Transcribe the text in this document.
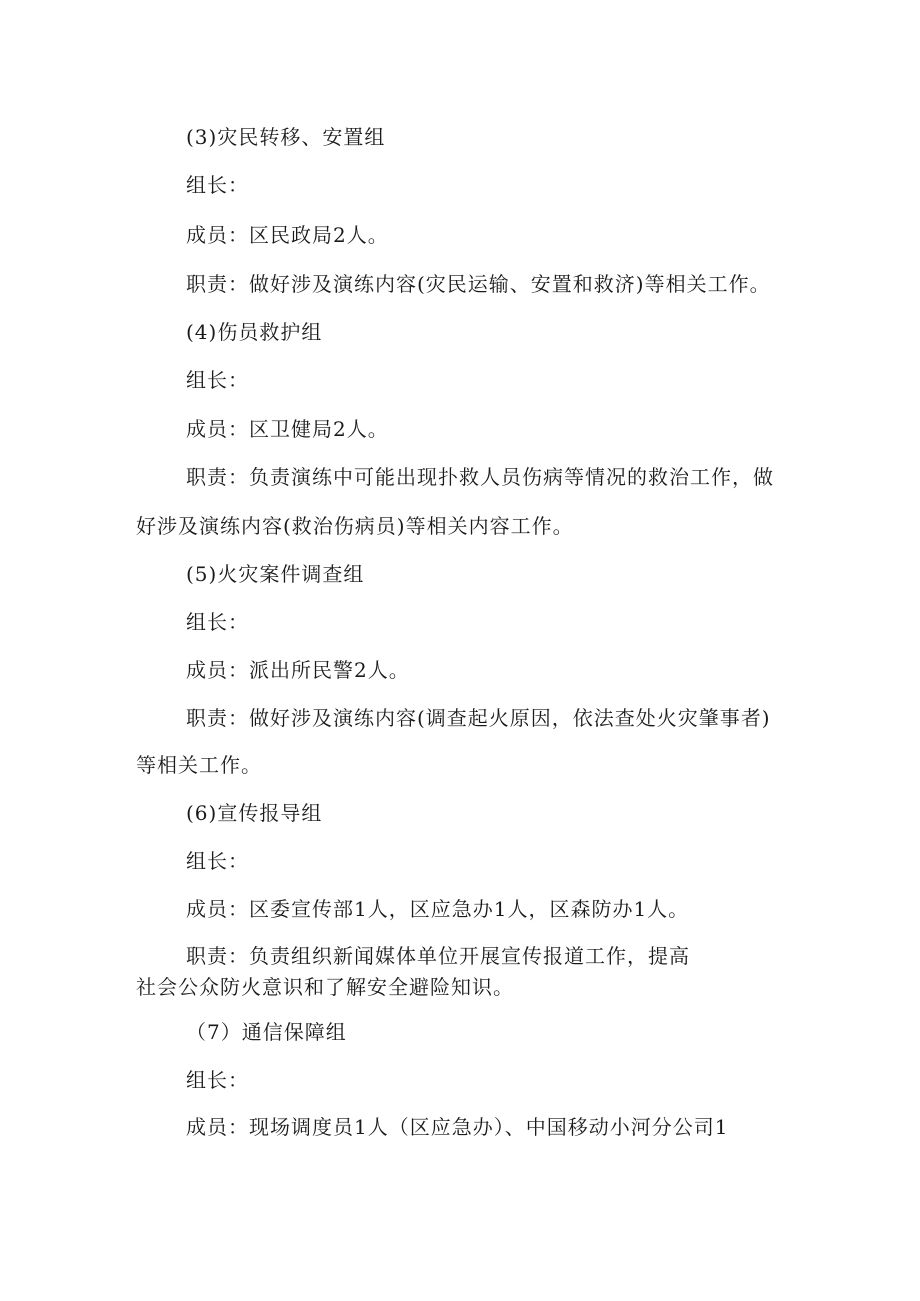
(3)灾民转移、安置组
组长：
成员：区民政局2人。
职责：做好涉及演练内容(灾民运输、安置和救济)等相关工作。
(4)伤员救护组
组长：
成员：区卫健局2人。
职责：负责演练中可能出现扑救人员伤病等情况的救治工作，做
好涉及演练内容(救治伤病员)等相关内容工作。
(5)火灾案件调查组
组长：
成员：派出所民警2人。
职责：做好涉及演练内容(调查起火原因，依法查处火灾肇事者)
等相关工作。
(6)宣传报导组
组长：
成员：区委宣传部1人，区应急办1人，区森防办1人。
职责：负责组织新闻媒体单位开展宣传报道工作，提高
社会公众防火意识和了解安全避险知识。
（7）通信保障组
组长：
成员：现场调度员1人（区应急办）、中国移动小河分公司1
